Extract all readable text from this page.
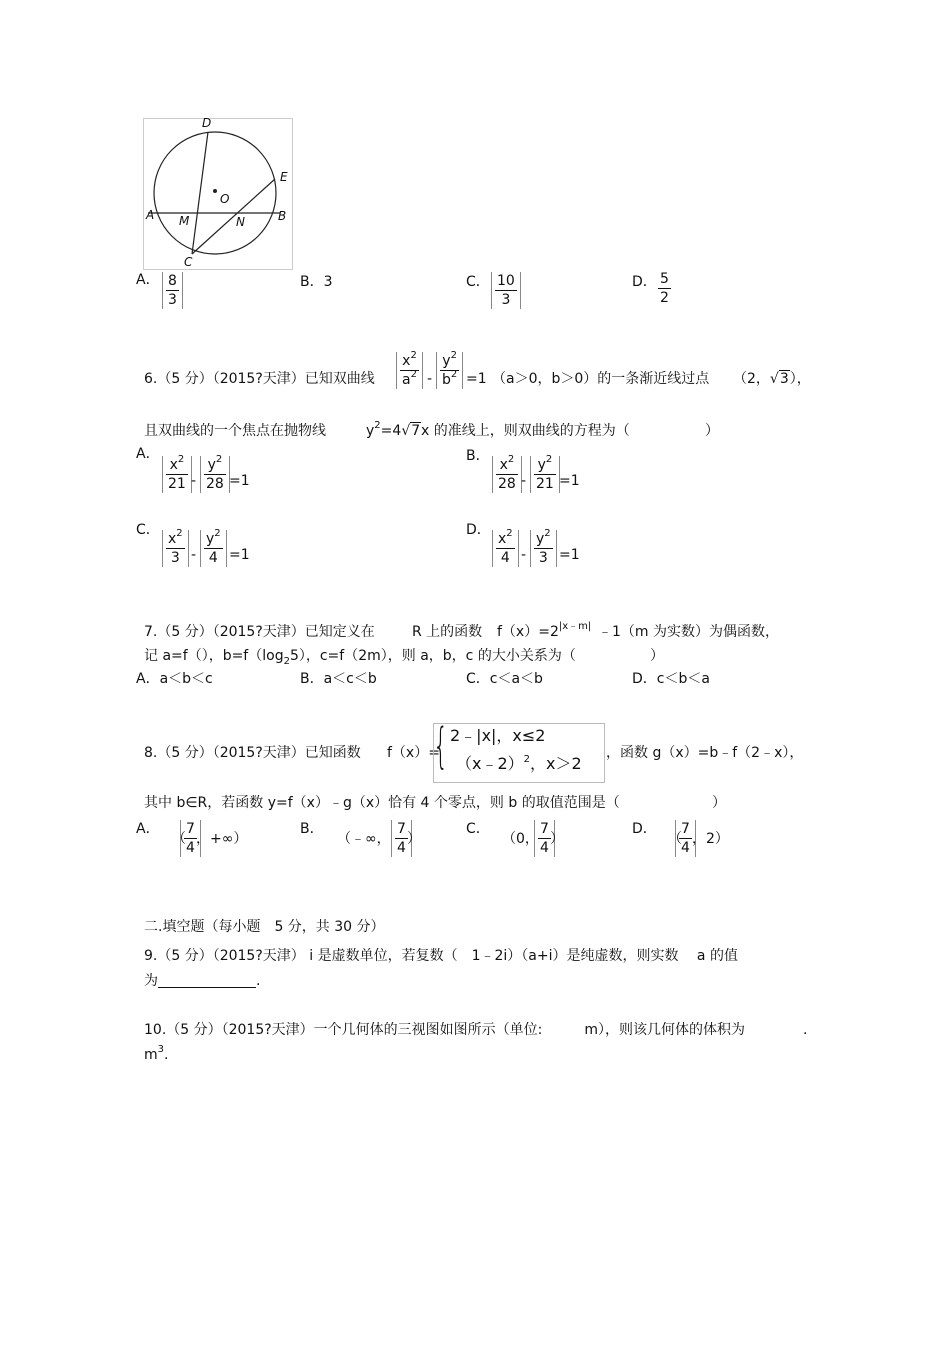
D
E
O
A M	N	B
C
A． 8
3
B．3	C． 10
3
D． 5
2
6.（5 分）（2015?天津）已知双曲线
$x^2$
$a^2$ -
$y^2$
$b^2 =1$ （a＞0，b＞0）的一条渐近线过点 （2，√3），
且双曲线的一个焦点在抛物线	$y^2=4√7$ x 的准线上，则双曲线的方程为（	）
A．
$x^2$
21 -
$y^2$
28 =1
B．
$x^2$
28 -
$y^2$
21 =1
C．
$x^2$
3 -
$y^2$
4 =1
D．
$x^2$
4 -
$y^2$
3 =1
7.（5 分）（2015?天津）已知定义在	R 上的函数 $f(x)=2^{|x﹣m|}$ ﹣1（m 为实数）为偶函数，
记 a=f（），$b=f(\log_25)$，c=f（2m），则 a，b，c 的大小关系为（	）
A．a＜b＜c	B．a＜c＜b	C．c＜a＜b	D．c＜b＜a
8.（5 分）（2015?天津）已知函数 f（x）=
{ 2﹣|x|，x≤2
（x﹣2）$^2$，x＞2
，函数 g（x）=b﹣f（2﹣x），
其中 b∈R，若函数 y=f（x）﹣g（x）恰有 4 个零点，则 b 的取值范围是（	）
A．
（
7
4
，+∞）
B．
（﹣∞，
7
4
）
C．
（0，
7
4
）
D．
（
7
4
，2）
二.填空题（每小题　5 分，共 30 分）
9.（5 分）（2015?天津） i 是虚数单位，若复数（　1﹣2i）（a+i）是纯虚数，则实数　 a 的值
为	.
10.（5 分）（2015?天津）一个几何体的三视图如图所示（单位:　　　m），则该几何体的体积为	.
$m^3$.
